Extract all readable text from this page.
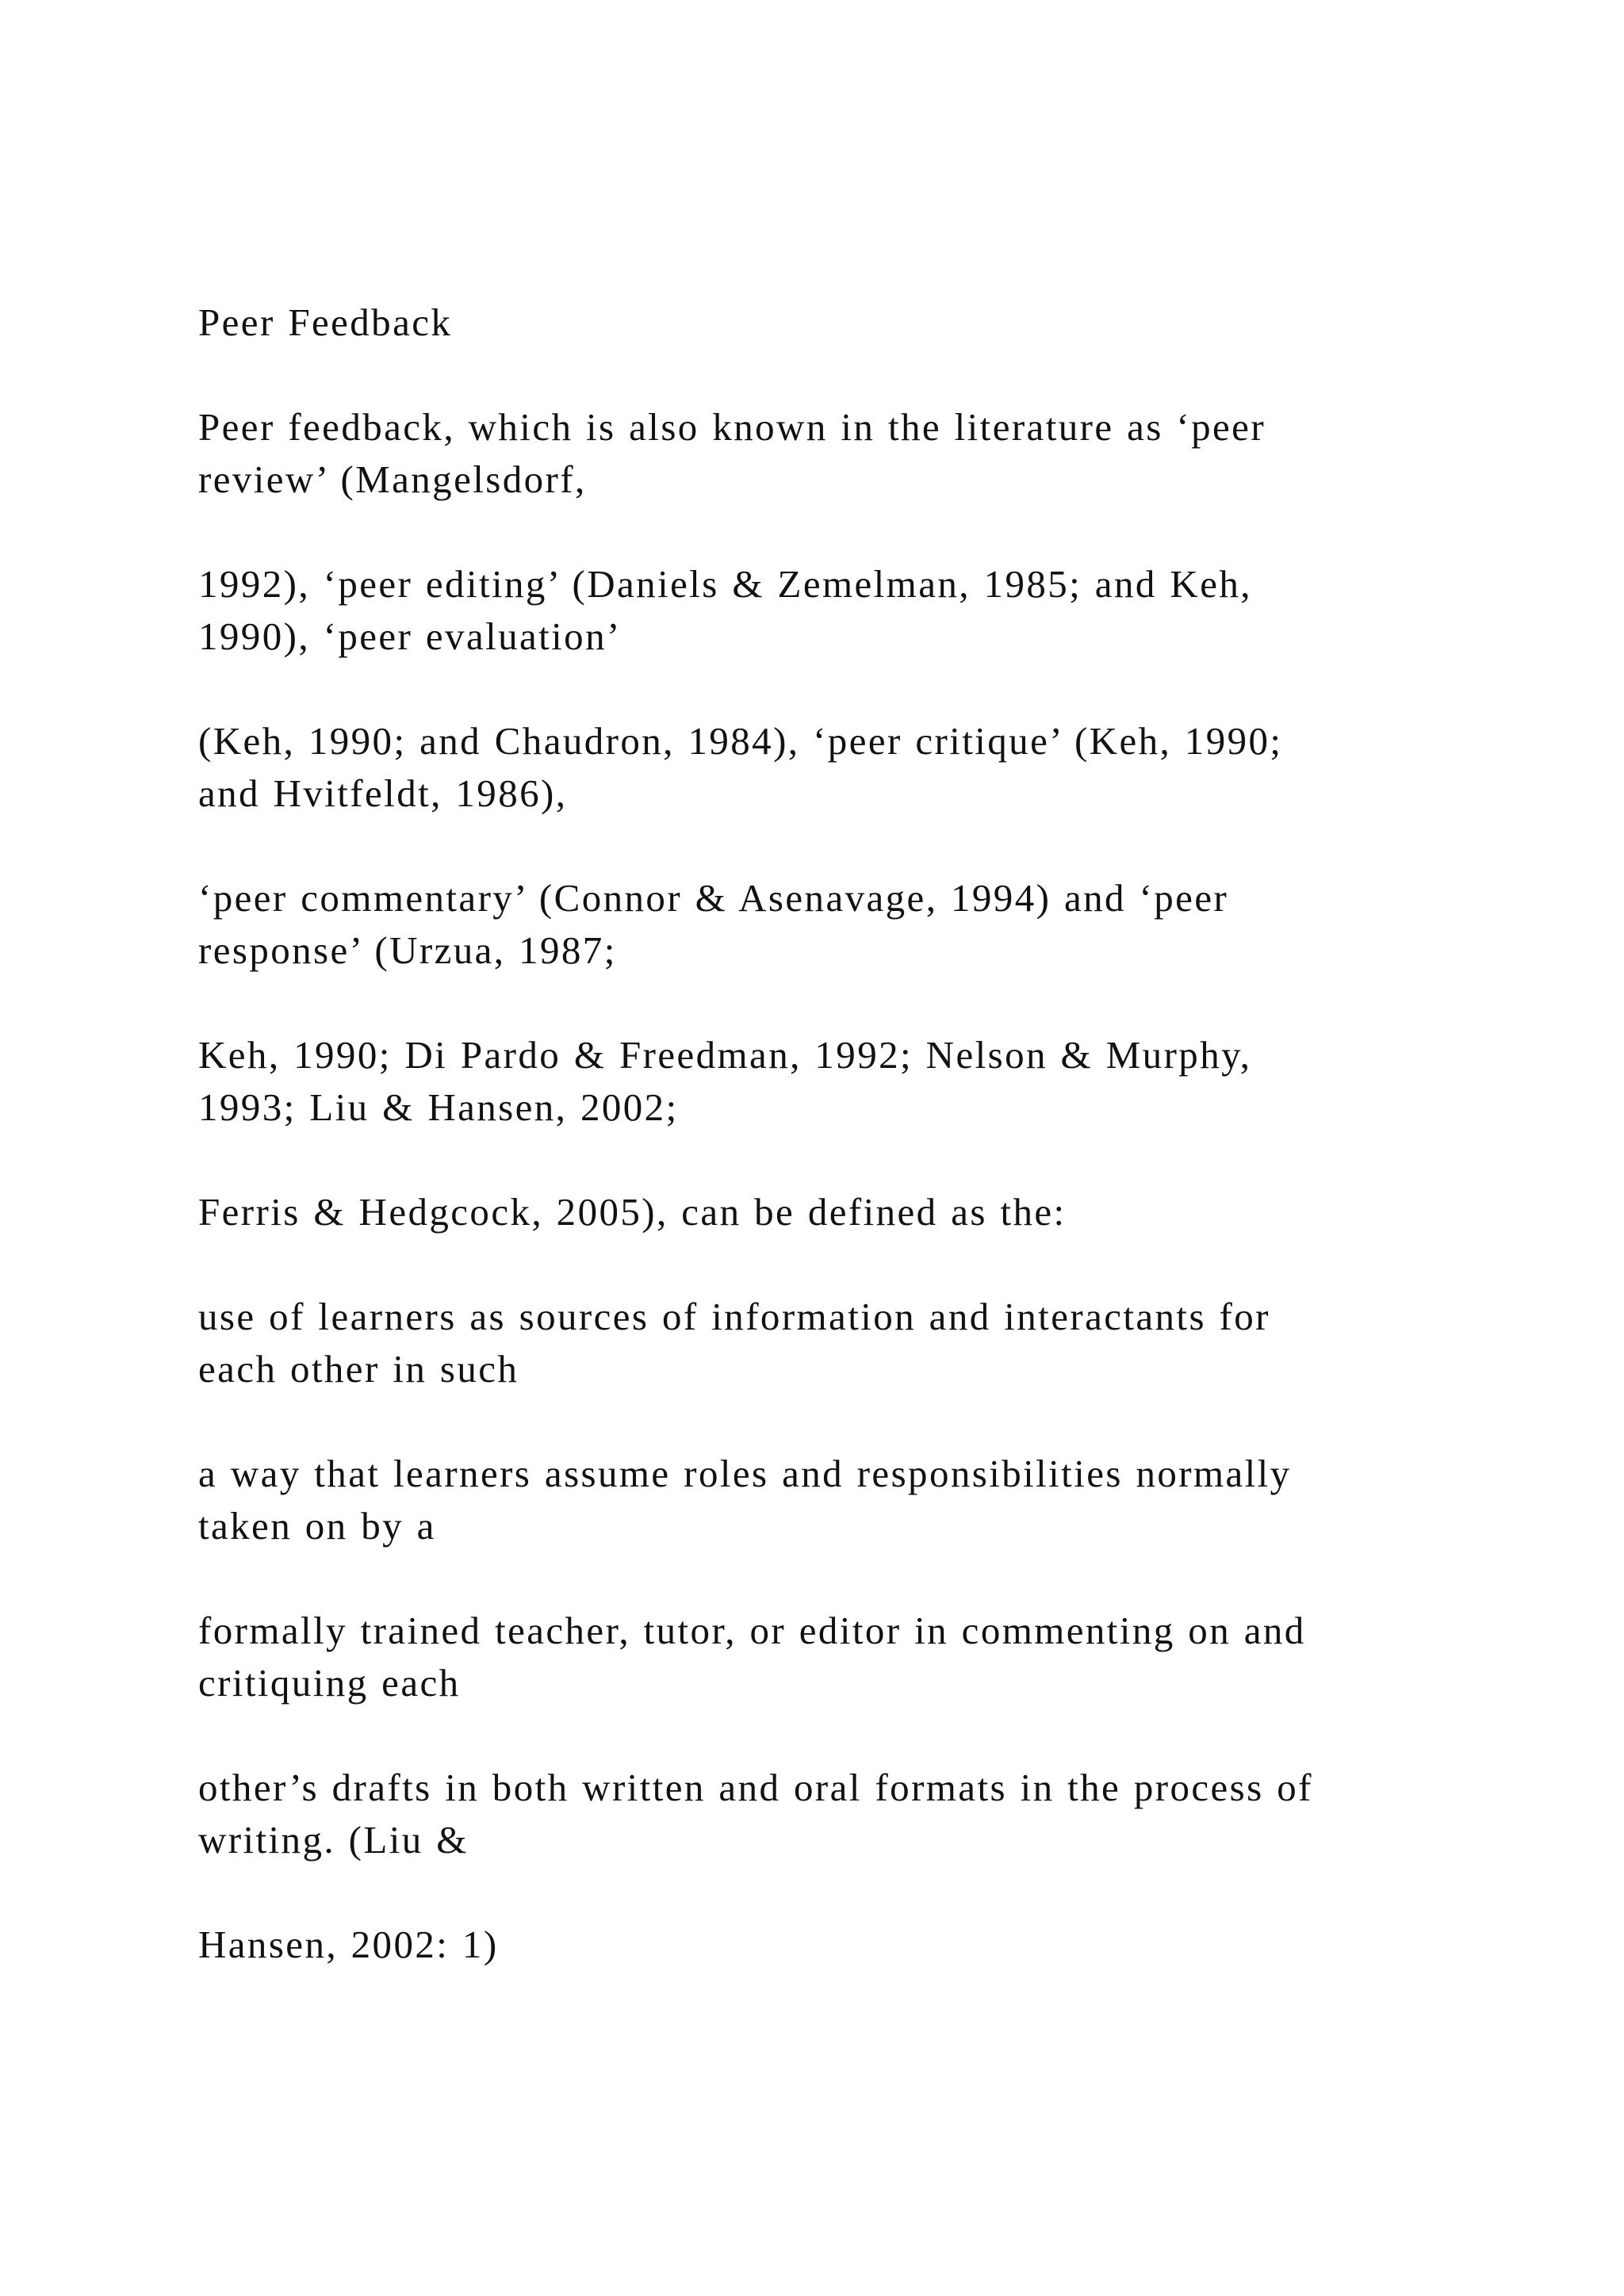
Peer Feedback
Peer feedback, which is also known in the literature as ‘peer
review’ (Mangelsdorf,
1992), ‘peer editing’ (Daniels & Zemelman, 1985; and Keh,
1990), ‘peer evaluation’
(Keh, 1990; and Chaudron, 1984), ‘peer critique’ (Keh, 1990;
and Hvitfeldt, 1986),
‘peer commentary’ (Connor & Asenavage, 1994) and ‘peer
response’ (Urzua, 1987;
Keh, 1990; Di Pardo & Freedman, 1992; Nelson & Murphy,
1993; Liu & Hansen, 2002;
Ferris & Hedgcock, 2005), can be defined as the:
use of learners as sources of information and interactants for
each other in such
a way that learners assume roles and responsibilities normally
taken on by a
formally trained teacher, tutor, or editor in commenting on and
critiquing each
other’s drafts in both written and oral formats in the process of
writing. (Liu &
Hansen, 2002: 1)
